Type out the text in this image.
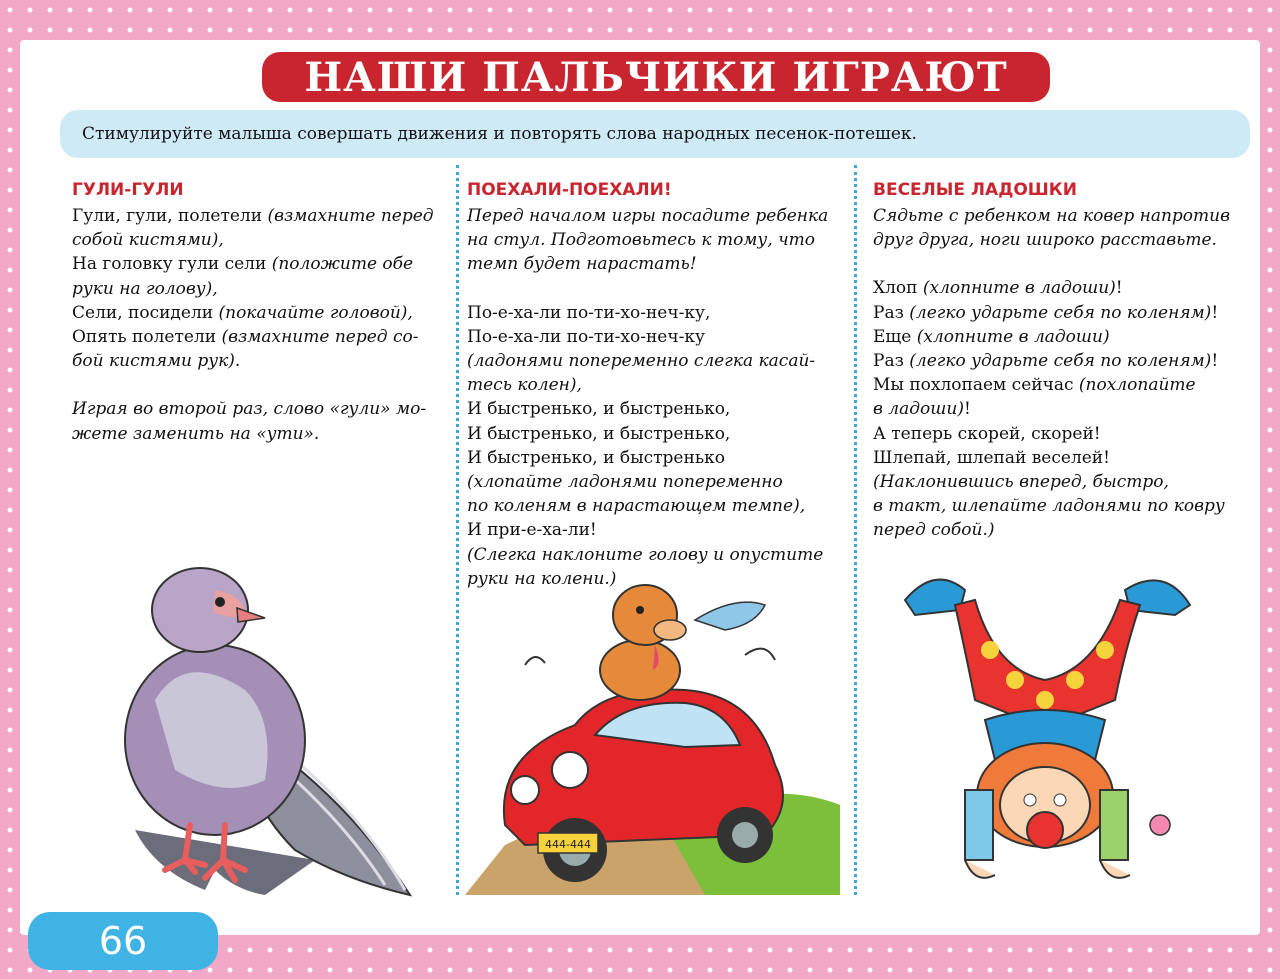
НАШИ ПАЛЬЧИКИ ИГРАЮТ
Стимулируйте малыша совершать движения и повторять слова народных песенок-потешек.
ГУЛИ-ГУЛИ
Гули, гули, полетели (взмахните перед
собой кистями),
На головку гули сели (положите обе
руки на голову),
Сели, посидели (покачайте головой),
Опять полетели (взмахните перед со-
бой кистями рук).
Играя во второй раз, слово «гули» мо-
жете заменить на «ути».
ПОЕХАЛИ-ПОЕХАЛИ!
Перед началом игры посадите ребенка
на стул. Подготовьтесь к тому, что
темп будет нарастать!
По-е-ха-ли по-ти-хо-неч-ку,
По-е-ха-ли по-ти-хо-неч-ку
(ладонями попеременно слегка касай-
тесь колен),
И быстренько, и быстренько,
И быстренько, и быстренько,
И быстренько, и быстренько
(хлопайте ладонями попеременно
по коленям в нарастающем темпе),
И при-е-ха-ли!
(Слегка наклоните голову и опустите
руки на колени.)
ВЕСЕЛЫЕ ЛАДОШКИ
Сядьте с ребенком на ковер напротив
друг друга, ноги широко расставьте.
Хлоп (хлопните в ладоши)!
Раз (легко ударьте себя по коленям)!
Еще (хлопните в ладоши)
Раз (легко ударьте себя по коленям)!
Мы похлопаем сейчас (похлопайте
в ладоши)!
А теперь скорей, скорей!
Шлепай, шлепай веселей!
(Наклонившись вперед, быстро,
в такт, шлепайте ладонями по ковру
перед собой.)
444-444
66
